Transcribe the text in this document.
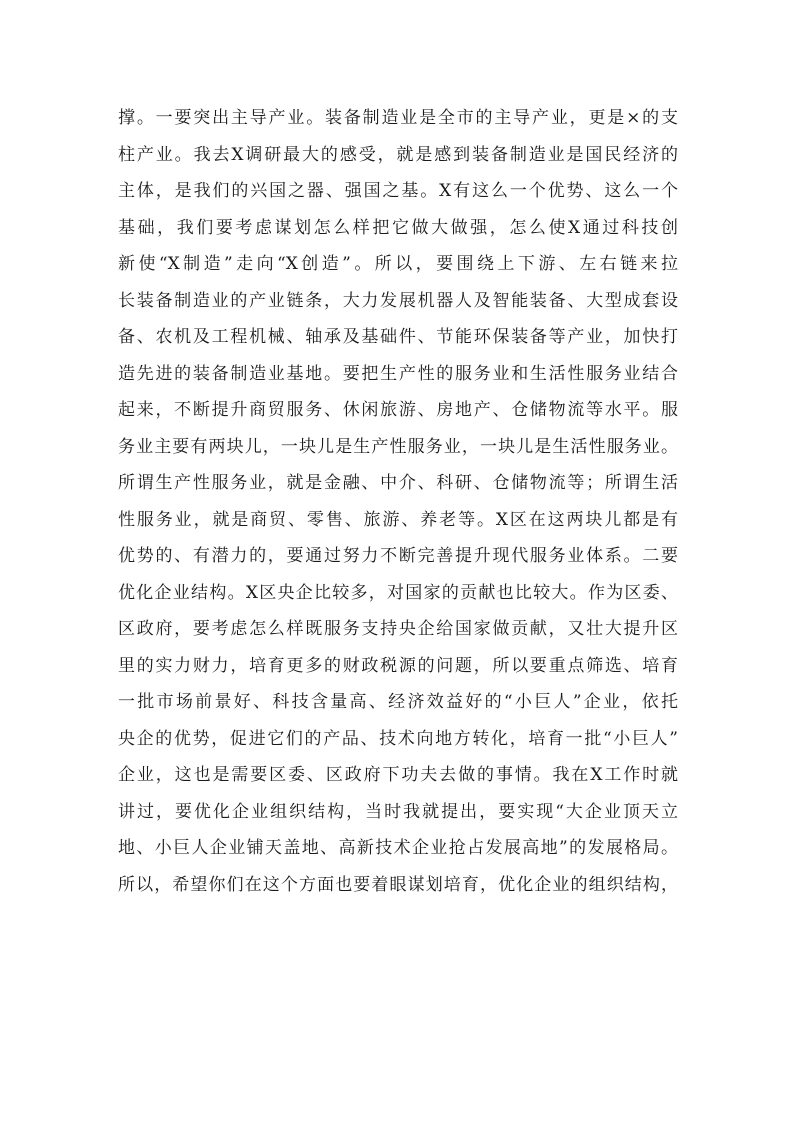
撑。一要突出主导产业。装备制造业是全市的主导产业，更是×的支
柱产业。我去X调研最大的感受，就是感到装备制造业是国民经济的
主体，是我们的兴国之器、强国之基。X有这么一个优势、这么一个
基础，我们要考虑谋划怎么样把它做大做强，怎么使X通过科技创
新使“X制造”走向“X创造”。所以，要围绕上下游、左右链来拉
长装备制造业的产业链条，大力发展机器人及智能装备、大型成套设
备、农机及工程机械、轴承及基础件、节能环保装备等产业，加快打
造先进的装备制造业基地。要把生产性的服务业和生活性服务业结合
起来，不断提升商贸服务、休闲旅游、房地产、仓储物流等水平。服
务业主要有两块儿，一块儿是生产性服务业，一块儿是生活性服务业。
所谓生产性服务业，就是金融、中介、科研、仓储物流等；所谓生活
性服务业，就是商贸、零售、旅游、养老等。X区在这两块儿都是有
优势的、有潜力的，要通过努力不断完善提升现代服务业体系。二要
优化企业结构。X区央企比较多，对国家的贡献也比较大。作为区委、
区政府，要考虑怎么样既服务支持央企给国家做贡献，又壮大提升区
里的实力财力，培育更多的财政税源的问题，所以要重点筛选、培育
一批市场前景好、科技含量高、经济效益好的“小巨人”企业，依托
央企的优势，促进它们的产品、技术向地方转化，培育一批“小巨人”
企业，这也是需要区委、区政府下功夫去做的事情。我在X工作时就
讲过，要优化企业组织结构，当时我就提出，要实现“大企业顶天立
地、小巨人企业铺天盖地、高新技术企业抢占发展高地”的发展格局。
所以，希望你们在这个方面也要着眼谋划培育，优化企业的组织结构，
